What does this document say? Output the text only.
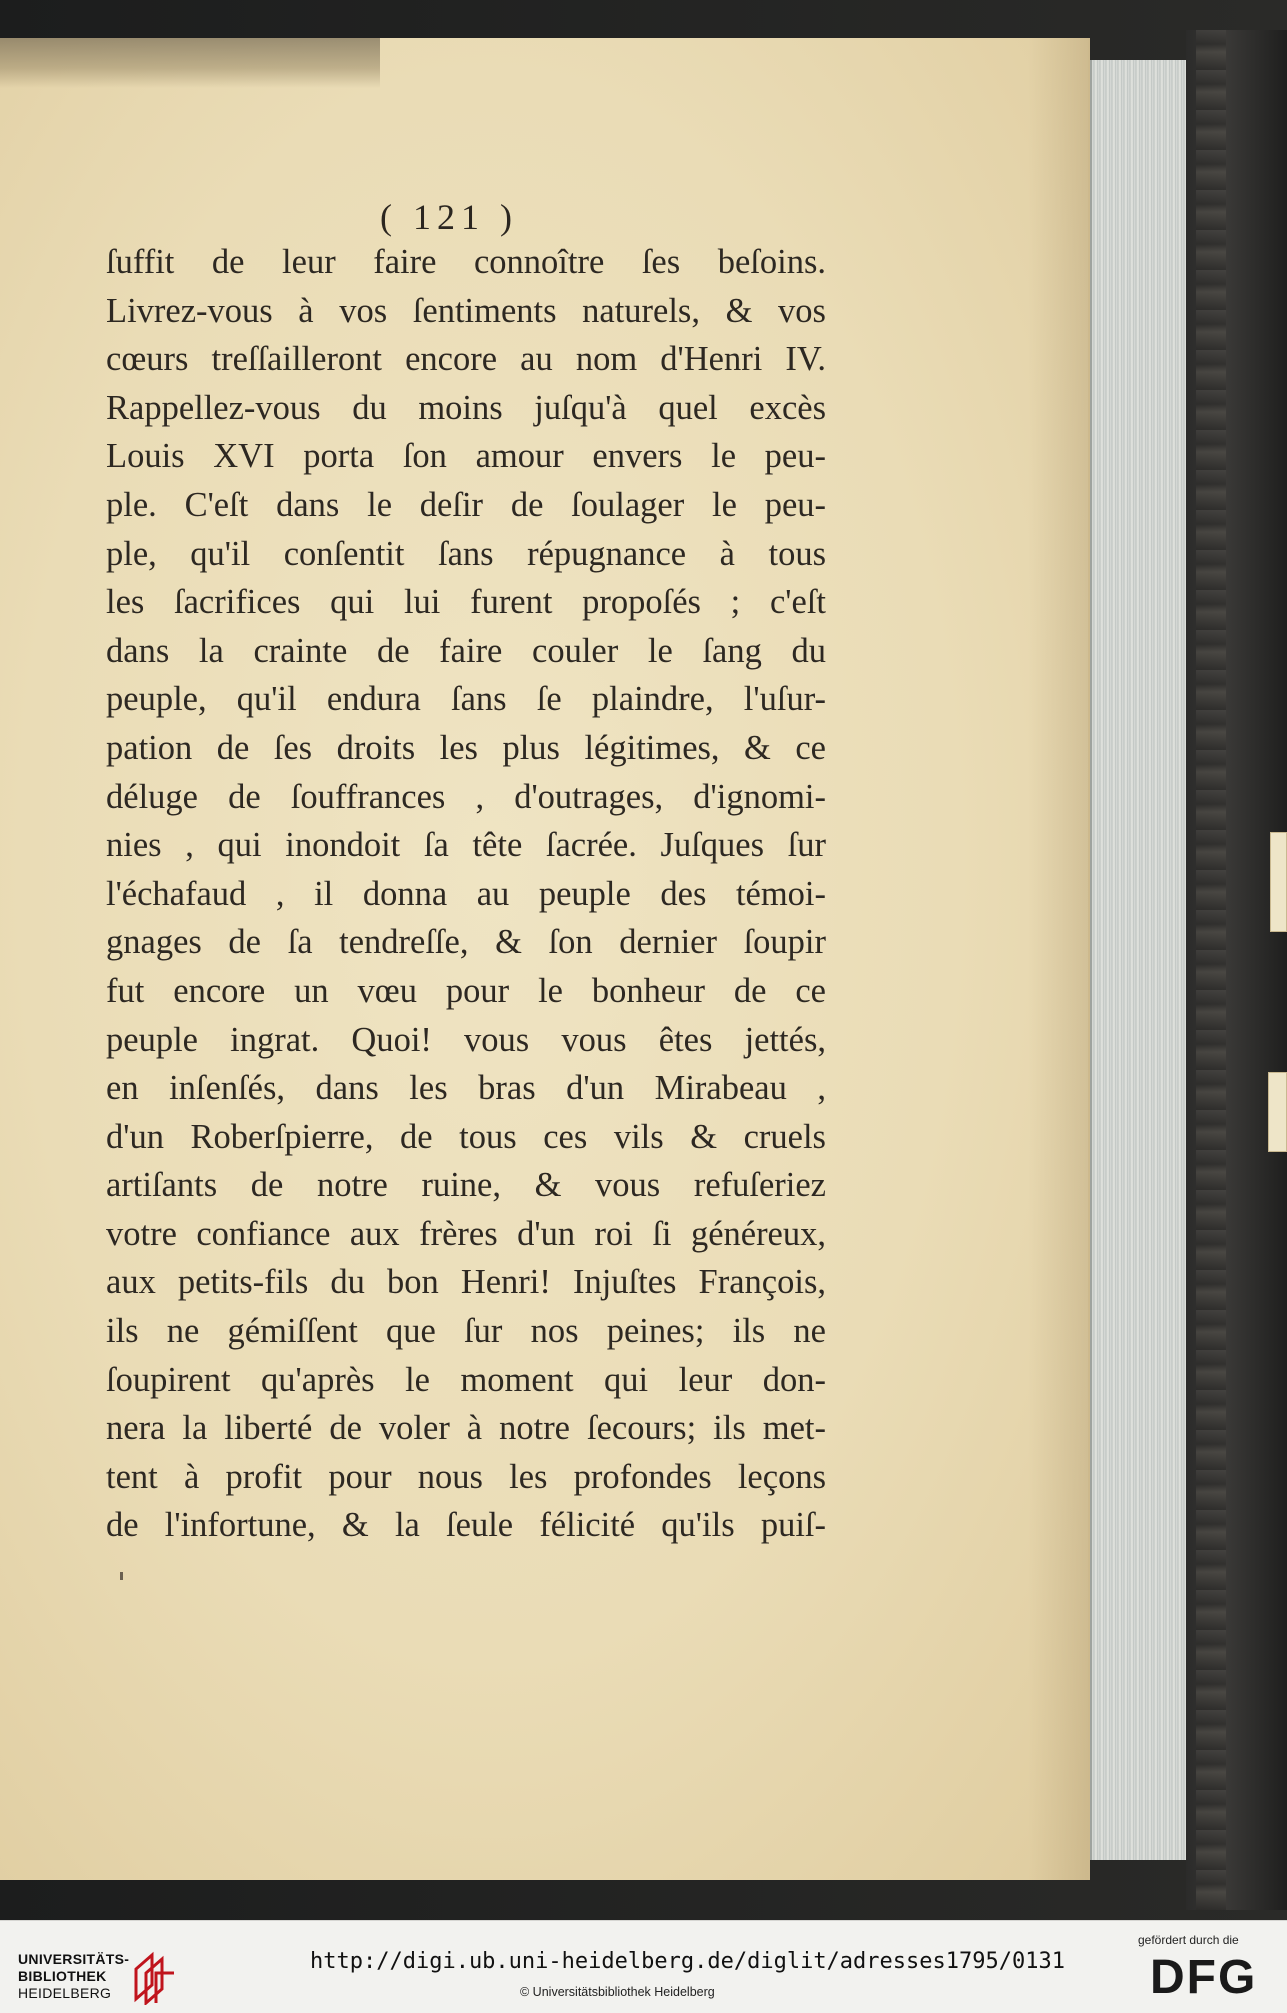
( 121 )
ſuffit de leur faire connoître ſes beſoins.
Livrez-vous à vos ſentiments naturels, & vos
cœurs treſſailleront encore au nom d'Henri IV.
Rappellez-vous du moins juſqu'à quel excès
Louis XVI porta ſon amour envers le peu-
ple. C'eſt dans le deſir de ſoulager le peu-
ple, qu'il conſentit ſans répugnance à tous
les ſacrifices qui lui furent propoſés ; c'eſt
dans la crainte de faire couler le ſang du
peuple, qu'il endura ſans ſe plaindre, l'uſur-
pation de ſes droits les plus légitimes, & ce
déluge de ſouffrances , d'outrages, d'ignomi-
nies , qui inondoit ſa tête ſacrée. Juſques ſur
l'échafaud , il donna au peuple des témoi-
gnages de ſa tendreſſe, & ſon dernier ſoupir
fut encore un vœu pour le bonheur de ce
peuple ingrat. Quoi! vous vous êtes jettés,
en inſenſés, dans les bras d'un Mirabeau ,
d'un Roberſpierre, de tous ces vils & cruels
artiſants de notre ruine, & vous refuſeriez
votre confiance aux frères d'un roi ſi généreux,
aux petits-fils du bon Henri! Injuſtes François,
ils ne gémiſſent que ſur nos peines; ils ne
ſoupirent qu'après le moment qui leur don-
nera la liberté de voler à notre ſecours; ils met-
tent à profit pour nous les profondes leçons
de l'infortune, & la ſeule félicité qu'ils puiſ-
UNIVERSITÄTS-
BIBLIOTHEK
HEIDELBERG
http://digi.ub.uni-heidelberg.de/diglit/adresses1795/0131
© Universitätsbibliothek Heidelberg
gefördert durch die
DFG
